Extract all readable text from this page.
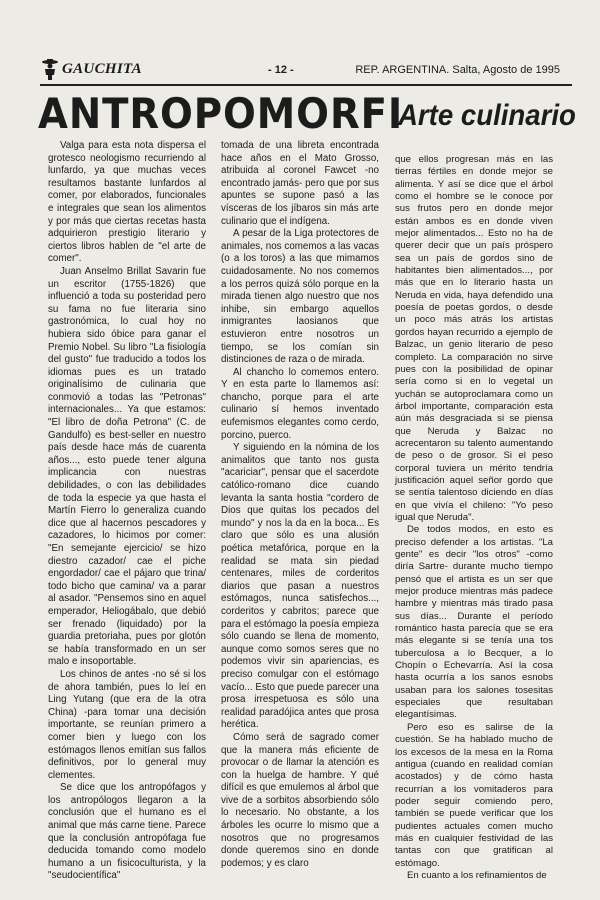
GAUCHITA	- 12 -	REP. ARGENTINA. Salta, Agosto de 1995
ANTROPOMORFI
Arte culinario

Valga para esta nota dispersa el grotesco neologismo recurriendo al lunfardo, ya que muchas veces resultamos bastante lunfardos al comer, por elaborados, funcionales e integrales que sean los alimentos y por más que ciertas recetas hasta adquirieron prestigio literario y ciertos libros hablen de "el arte de comer".

Juan Anselmo Brillat Savarin fue un escritor (1755-1826) que influenció a toda su posteridad pero su fama no fue literaria sino gastronómica, lo cual hoy no hubiera sido óbice para ganar el Premio Nobel. Su libro "La fisiología del gusto" fue traducido a todos los idiomas pues es un tratado originalísimo de culinaria que conmovió a todas las "Petronas" internacionales... Ya que estamos: "El libro de doña Petrona" (C. de Gandulfo) es best-seller en nuestro país desde hace más de cuarenta años..., esto puede tener alguna implicancia con nuestras debilidades, o con las debilidades de toda la especie ya que hasta el Martín Fierro lo generaliza cuando dice que al hacernos pescadores y cazadores, lo hicimos por comer: "En semejante ejercicio/ se hizo diestro cazador/ cae el piche engordador/ cae el pájaro que trina/ todo bicho que camina/ va a parar al asador. "Pensemos sino en aquel emperador, Heliogábalo, que debió ser frenado (liquidado) por la guardia pretoriaha, pues por glotón se había transformado en un ser malo e insoportable.

Los chinos de antes -no sé si los de ahora también, pues lo leí en Ling Yutang (que era de la otra China) -para tomar una decisión importante, se reunían primero a comer bien y luego con los estómagos llenos emitían sus fallos definitivos, por lo general muy clementes.

Se dice que los antropófagos y los antropólogos llegaron a la conclusión que el humano es el animal que más carne tiene. Parece que la conclusión antropófaga fue deducida tomando como modelo humano a un fisicoculturista, y la "seudocientífica"

tomada de una libreta encontrada hace años en el Mato Grosso, atribuida al coronel Fawcet -no encontrado jamás- pero que por sus apuntes se supone pasó a las vísceras de los jíbaros sin más arte culinario que el indígena.

A pesar de la Liga protectores de animales, nos comemos a las vacas (o a los toros) a las que mimamos cuidadosamente. No nos comemos a los perros quizá sólo porque en la mirada tienen algo nuestro que nos inhibe, sin embargo aquellos inmigrantes laosianos que estuvieron entre nosotros un tiempo, se los comían sin distinciones de raza o de mirada.

Al chancho lo comemos entero. Y en esta parte lo llamemos así: chancho, porque para el arte culinario sí hemos inventado eufemismos elegantes como cerdo, porcino, puerco.

Y siguiendo en la nómina de los animalitos que tanto nos gusta "acariciar", pensar que el sacerdote católico-romano dice cuando levanta la santa hostia "cordero de Dios que quitas los pecados del mundo" y nos la da en la boca... Es claro que sólo es una alusión poética metafórica, porque en la realidad se mata sin piedad centenares, miles de corderitos diarios que pasan a nuestros estómagos, nunca satisfechos..., corderitos y cabritos; parece que para el estómago la poesía empieza sólo cuando se llena de momento, aunque como somos seres que no podemos vivir sin apariencias, es preciso comulgar con el estómago vacío... Esto que puede parecer una prosa irrespetuosa es sólo una realidad paradójica antes que prosa herética.

Cómo será de sagrado comer que la manera más eficiente de provocar o de llamar la atención es con la huelga de hambre. Y qué difícil es que emulemos al árbol que vive de a sorbitos absorbiendo sólo lo necesario. No obstante, a los árboles les ocurre lo mismo que a nosotros que no progresamos donde queremos sino en donde podemos; y es claro

que ellos progresan más en las tierras fértiles en donde mejor se alimenta. Y así se dice que el árbol como el hombre se le conoce por sus frutos pero en donde mejor están ambos es en donde viven mejor alimentados... Esto no ha de querer decir que un país próspero sea un país de gordos sino de habitantes bien alimentados..., por más que en lo literario hasta un Neruda en vida, haya defendido una poesía de poetas gordos, o desde un poco más atrás los artistas gordos hayan recurrido a ejemplo de Balzac, un genio literario de peso completo. La comparación no sirve pues con la posibilidad de opinar sería como si en lo vegetal un yuchán se autoproclamara como un árbol importante, comparación esta aún más desgraciada si se piensa que Neruda y Balzac no acrecentaron su talento aumentando de peso o de grosor. Si el peso corporal tuviera un mérito tendría justificación aquel señor gordo que se sentía talentoso diciendo en días en que vivía el chileno: "Yo peso igual que Neruda".

De todos modos, en esto es preciso defender a los artistas. "La gente" es decir "los otros" -como diría Sartre- durante mucho tiempo pensó que el artista es un ser que mejor produce mientras más padece hambre y mientras más tirado pasa sus días... Durante el período romántico hasta parecía que se era más elegante si se tenía una tos tuberculosa a lo Becquer, a lo Chopín o Echevarría. Así la cosa hasta ocurría a los sanos esnobs usaban para los salones tosesitas especiales que resultaban elegantísimas.

Pero eso es salirse de la cuestión. Se ha hablado mucho de los excesos de la mesa en la Roma antigua (cuando en realidad comían acostados) y de cómo hasta recurrían a los vomitaderos para poder seguir comiendo pero, también se puede verificar que los pudientes actuales comen mucho más en cualquier festividad de las tantas con que gratifican al estómago.

En cuanto a los refinamientos de
